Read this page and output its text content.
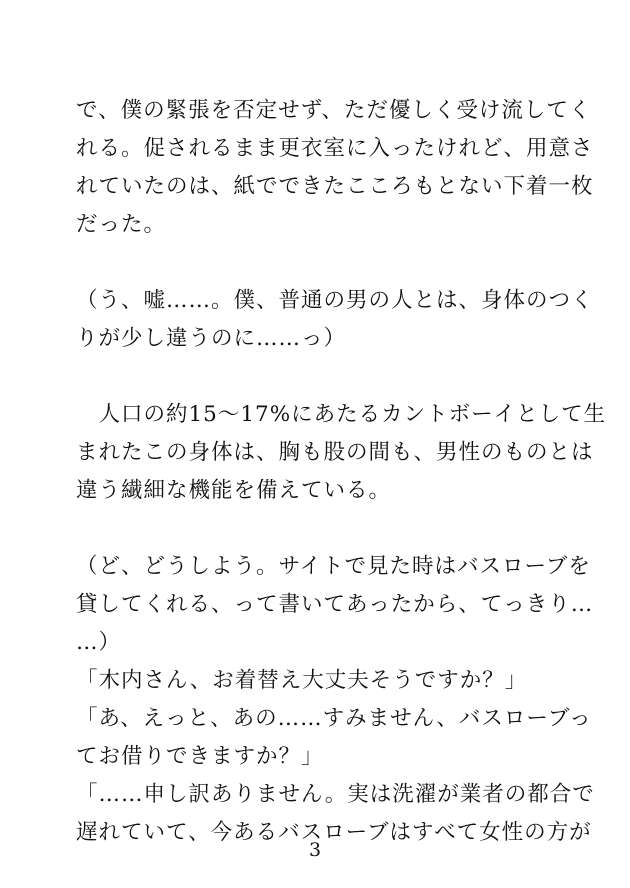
で、僕の緊張を否定せず、ただ優しく受け流してく
れる。促されるまま更衣室に入ったけれど、用意さ
れていたのは、紙でできたこころもとない下着一枚
だった。
（う、嘘……。僕、普通の男の人とは、身体のつく
りが少し違うのに……っ）
　人口の約15〜17%にあたるカントボーイとして生
まれたこの身体は、胸も股の間も、男性のものとは
違う繊細な機能を備えている。
（ど、どうしよう。サイトで見た時はバスローブを
貸してくれる、って書いてあったから、てっきり…
…）
「木内さん、お着替え大丈夫そうですか？」
「あ、えっと、あの……すみません、バスローブっ
てお借りできますか？」
「……申し訳ありません。実は洗濯が業者の都合で
遅れていて、今あるバスローブはすべて女性の方が
3
